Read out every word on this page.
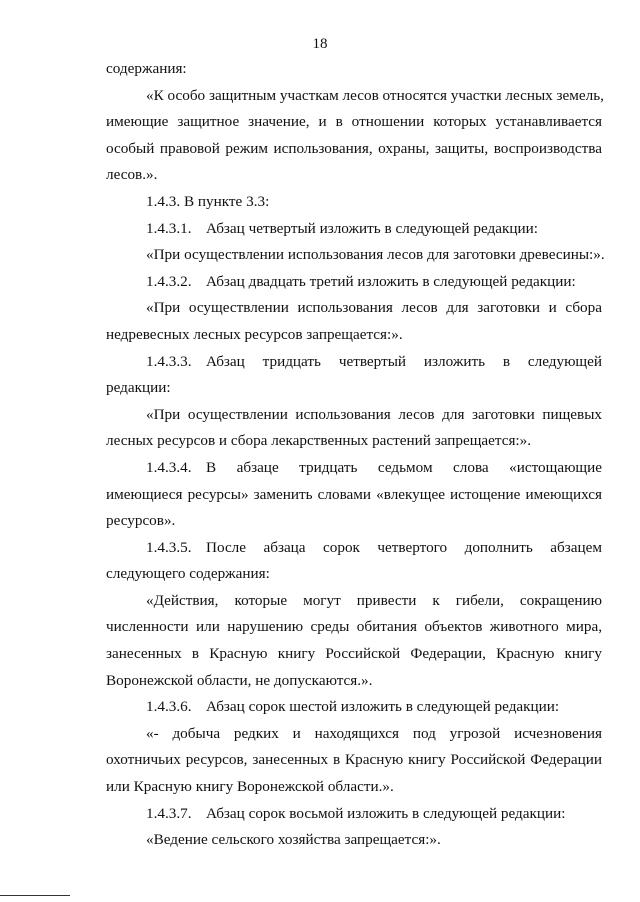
18
содержания:
«К особо защитным участкам лесов относятся участки лесных земель,
имеющие защитное значение, и в отношении которых устанавливается
особый правовой режим использования, охраны, защиты, воспроизводства
лесов.».
1.4.3. В пункте 3.3:
1.4.3.1. Абзац четвертый изложить в следующей редакции:
«При осуществлении использования лесов для заготовки древесины:».
1.4.3.2. Абзац двадцать третий изложить в следующей редакции:
«При осуществлении использования лесов для заготовки и сбора
недревесных лесных ресурсов запрещается:».
1.4.3.3. Абзац тридцать четвертый изложить в следующей
редакции:
«При осуществлении использования лесов для заготовки пищевых
лесных ресурсов и сбора лекарственных растений запрещается:».
1.4.3.4. В абзаце тридцать седьмом слова «истощающие
имеющиеся ресурсы» заменить словами «влекущее истощение имеющихся
ресурсов».
1.4.3.5. После абзаца сорок четвертого дополнить абзацем
следующего содержания:
«Действия, которые могут привести к гибели, сокращению
численности или нарушению среды обитания объектов животного мира,
занесенных в Красную книгу Российской Федерации, Красную книгу
Воронежской области, не допускаются.».
1.4.3.6. Абзац сорок шестой изложить в следующей редакции:
«- добыча редких и находящихся под угрозой исчезновения
охотничьих ресурсов, занесенных в Красную книгу Российской Федерации
или Красную книгу Воронежской области.».
1.4.3.7. Абзац сорок восьмой изложить в следующей редакции:
«Ведение сельского хозяйства запрещается:».
